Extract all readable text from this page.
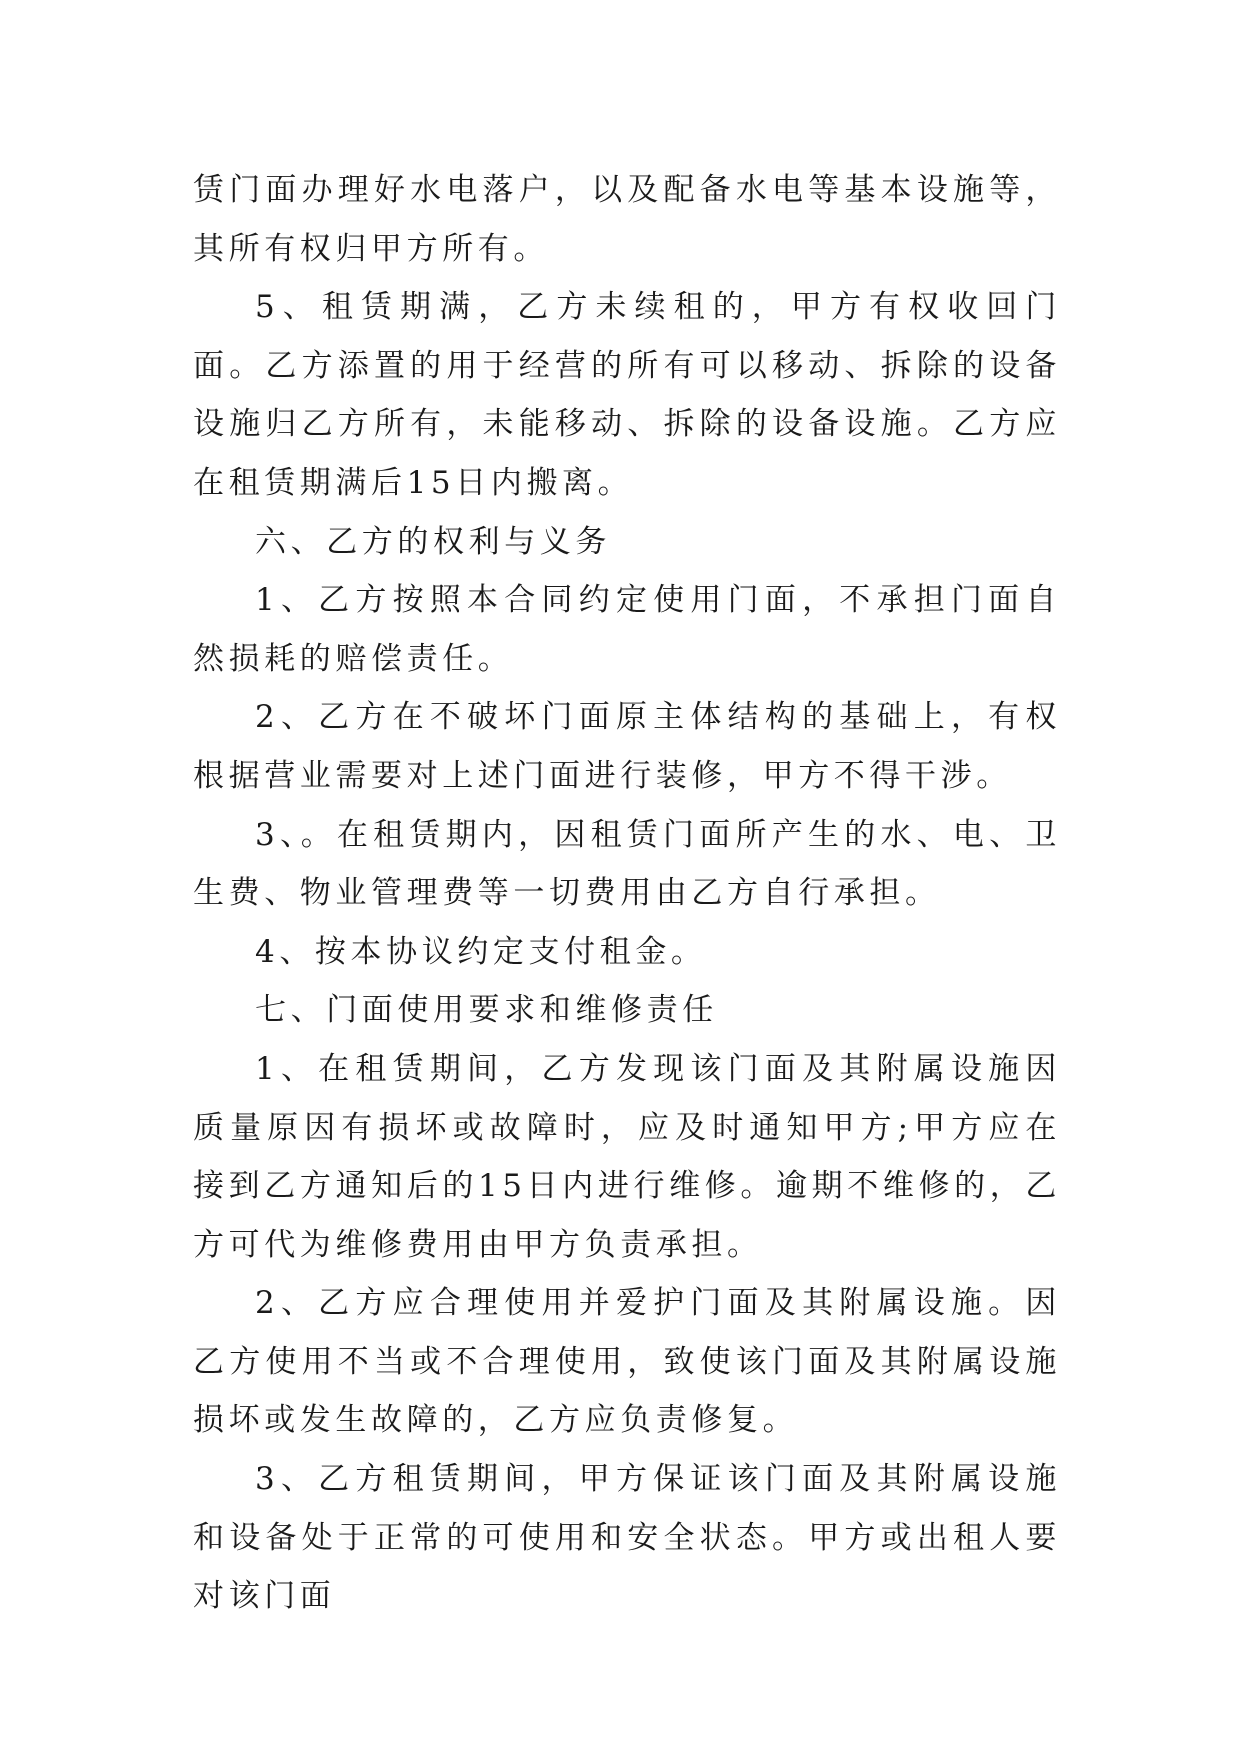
赁门面办理好水电落户，以及配备水电等基本设施等，其所有权归甲方所有。

5、租赁期满，乙方未续租的，甲方有权收回门面。乙方添置的用于经营的所有可以移动、拆除的设备设施归乙方所有，未能移动、拆除的设备设施。乙方应在租赁期满后15日内搬离。

六、乙方的权利与义务

1、乙方按照本合同约定使用门面，不承担门面自然损耗的赔偿责任。

2、乙方在不破坏门面原主体结构的基础上，有权根据营业需要对上述门面进行装修，甲方不得干涉。

3、。在租赁期内，因租赁门面所产生的水、电、卫生费、物业管理费等一切费用由乙方自行承担。

4、按本协议约定支付租金。

七、门面使用要求和维修责任

1、在租赁期间，乙方发现该门面及其附属设施因质量原因有损坏或故障时，应及时通知甲方;甲方应在接到乙方通知后的15日内进行维修。逾期不维修的，乙方可代为维修费用由甲方负责承担。

2、乙方应合理使用并爱护门面及其附属设施。因乙方使用不当或不合理使用，致使该门面及其附属设施损坏或发生故障的，乙方应负责修复。

3、乙方租赁期间，甲方保证该门面及其附属设施和设备处于正常的可使用和安全状态。甲方或出租人要对该门面
